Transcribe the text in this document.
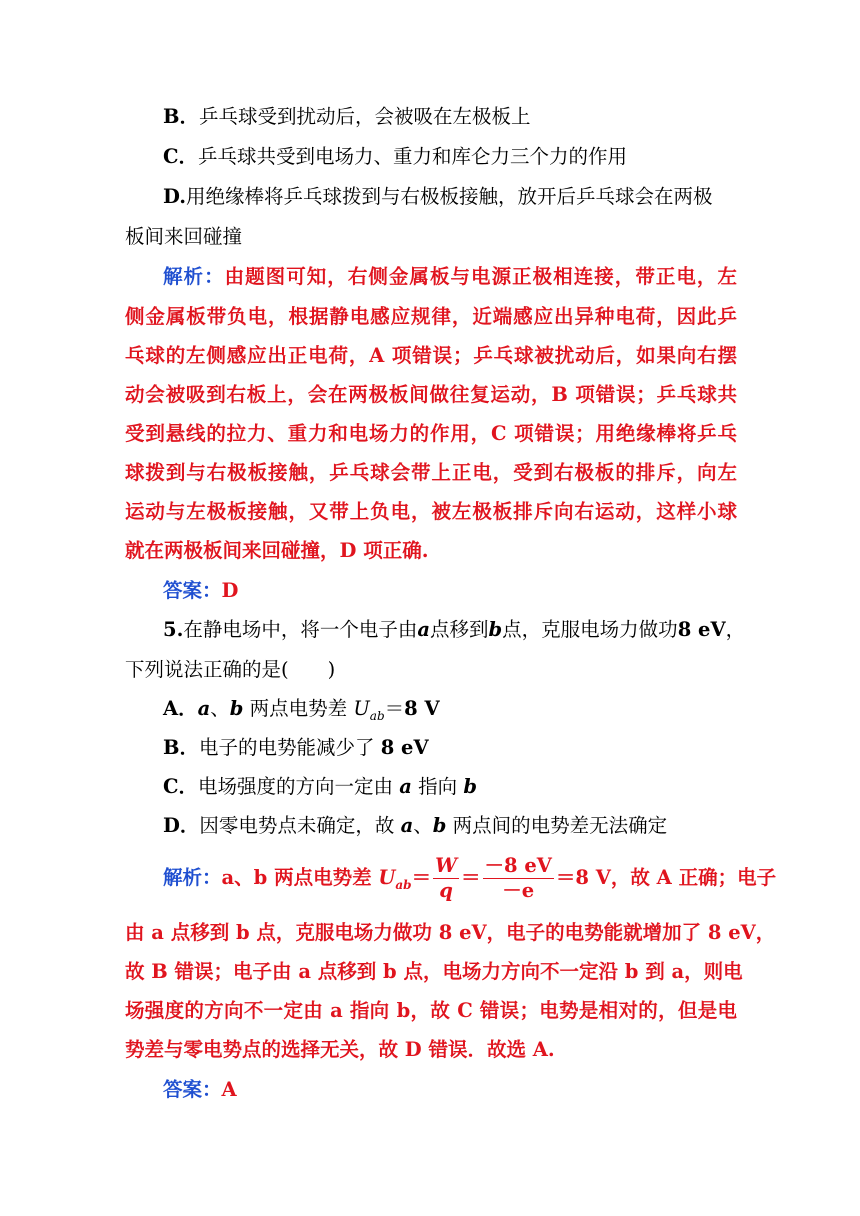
B．乒乓球受到扰动后，会被吸在左极板上
C．乒乓球共受到电场力、重力和库仑力三个力的作用
D.用绝缘棒将乒乓球拨到与右极板接触，放开后乒乓球会在两极
板间来回碰撞
解析：由题图可知，右侧金属板与电源正极相连接，带正电，左
侧金属板带负电，根据静电感应规律，近端感应出异种电荷，因此乒
乓球的左侧感应出正电荷，A 项错误；乒乓球被扰动后，如果向右摆
动会被吸到右板上，会在两极板间做往复运动，B 项错误；乒乓球共
受到悬线的拉力、重力和电场力的作用，C 项错误；用绝缘棒将乒乓
球拨到与右极板接触，乒乓球会带上正电，受到右极板的排斥，向左
运动与左极板接触，又带上负电，被左极板排斥向右运动，这样小球
就在两极板间来回碰撞，D 项正确.
答案：D
5.在静电场中，将一个电子由a点移到b点，克服电场力做功8 eV，
下列说法正确的是(　　)
A．a、b 两点电势差 $U_{ab}=8$ V
B．电子的电势能减少了 8 eV
C．电场强度的方向一定由 a 指向 b
D．因零电势点未确定，故 a、b 两点间的电势差无法确定
解析：a、b 两点电势差 $U_{ab}= \frac{W}{q} = \frac{-8 eV}{-e} =8$ V，故 A 正确；电子
由 a 点移到 b 点，克服电场力做功 8 eV，电子的电势能就增加了 8 eV，
故 B 错误；电子由 a 点移到 b 点，电场力方向不一定沿 b 到 a，则电
场强度的方向不一定由 a 指向 b，故 C 错误；电势是相对的，但是电
势差与零电势点的选择无关，故 D 错误．故选 A.
答案：A
